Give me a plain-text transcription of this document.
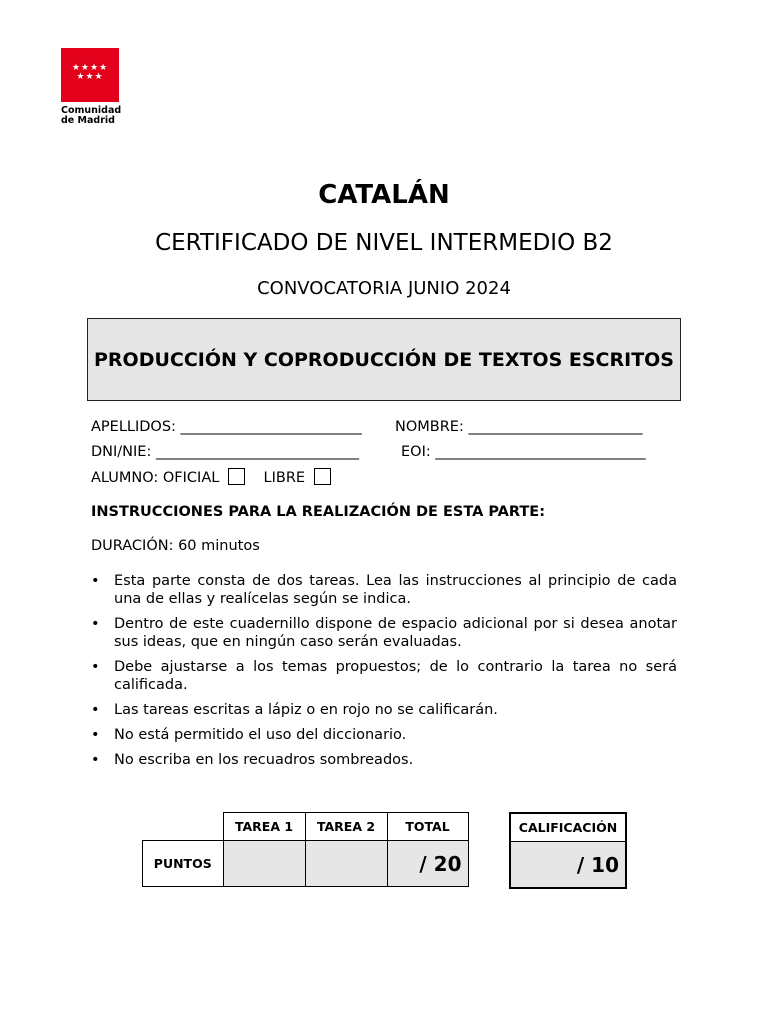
★★★★
★★★
Comunidad
de Madrid
CATALÁN
CERTIFICADO DE NIVEL INTERMEDIO B2
CONVOCATORIA JUNIO 2024
PRODUCCIÓN Y COPRODUCCIÓN DE TEXTOS ESCRITOS
APELLIDOS: _________________________ NOMBRE: ________________________
DNI/NIE: ____________________________	EOI: _____________________________
ALUMNO: OFICIAL	LIBRE
INSTRUCCIONES PARA LA REALIZACIÓN DE ESTA PARTE:
DURACIÓN: 60 minutos
• Esta parte consta de dos tareas. Lea las instrucciones al principio de cada una de ellas y realícelas según se indica.
• Dentro de este cuadernillo dispone de espacio adicional por si desea anotar sus ideas, que en ningún caso serán evaluadas.
• Debe ajustarse a los temas propuestos; de lo contrario la tarea no será calificada.
• Las tareas escritas a lápiz o en rojo no se calificarán.
• No está permitido el uso del diccionario.
• No escriba en los recuadros sombreados.
	TAREA 1	TAREA 2	TOTAL
PUNTOS			/ 20
CALIFICACIÓN
/ 10
